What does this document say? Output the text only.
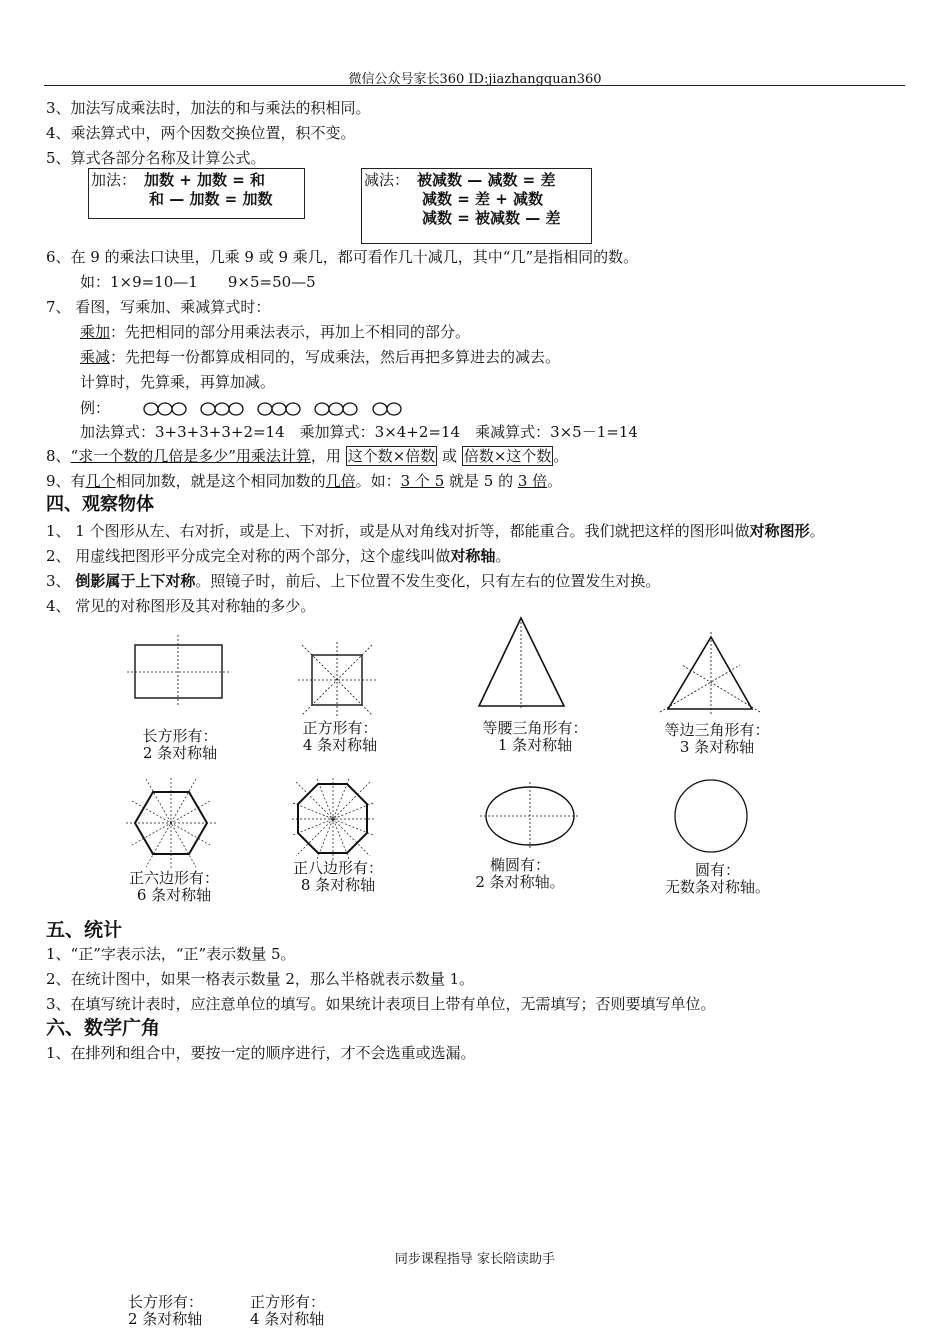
微信公众号家长360 ID:jiazhangquan360
3、加法写成乘法时，加法的和与乘法的积相同。
4、乘法算式中，两个因数交换位置，积不变。
5、算式各部分名称及计算公式。
加法： 加数 + 加数 = 和
和 — 加数 = 加数
减法： 被减数 — 减数 = 差
减数 = 差 + 减数
减数 = 被减数 — 差
6、在 9 的乘法口诀里，几乘 9 或 9 乘几，都可看作几十减几，其中“几”是指相同的数。
如：1×9=10—1　　9×5=50—5
7、 看图，写乘加、乘减算式时：
乘加：先把相同的部分用乘法表示，再加上不相同的部分。
乘减：先把每一份都算成相同的，写成乘法，然后再把多算进去的减去。
计算时，先算乘，再算加减。
例：
加法算式：3+3+3+3+2=14　乘加算式：3×4+2=14　乘减算式：3×5－1=14
8、“求一个数的几倍是多少”用乘法计算，用 这个数×倍数 或 倍数×这个数 。
9、有几个相同加数，就是这个相同加数的几倍。如：3 个 5 就是 5 的 3 倍。
四、观察物体
1、 1 个图形从左、右对折，或是上、下对折，或是从对角线对折等，都能重合。我们就把这样的图形叫做对称图形。
2、 用虚线把图形平分成完全对称的两个部分，这个虚线叫做对称轴。
3、 倒影属于上下对称。照镜子时，前后、上下位置不发生变化，只有左右的位置发生对换。
4、 常见的对称图形及其对称轴的多少。
长方形有：
2 条对称轴
正方形有：
4 条对称轴
等腰三角形有：
1 条对称轴
等边三角形有：
3 条对称轴
正六边形有：
6 条对称轴
正八边形有：
8 条对称轴
椭圆有：
2 条对称轴。
圆有：
无数条对称轴。
五、统计
1、“正”字表示法，“正”表示数量 5。
2、在统计图中，如果一格表示数量 2，那么半格就表示数量 1。
3、在填写统计表时，应注意单位的填写。如果统计表项目上带有单位，无需填写；否则要填写单位。
六、数学广角
1、在排列和组合中，要按一定的顺序进行，才不会选重或选漏。
同步课程指导 家长陪读助手
长方形有：
2 条对称轴
正方形有：
4 条对称轴
